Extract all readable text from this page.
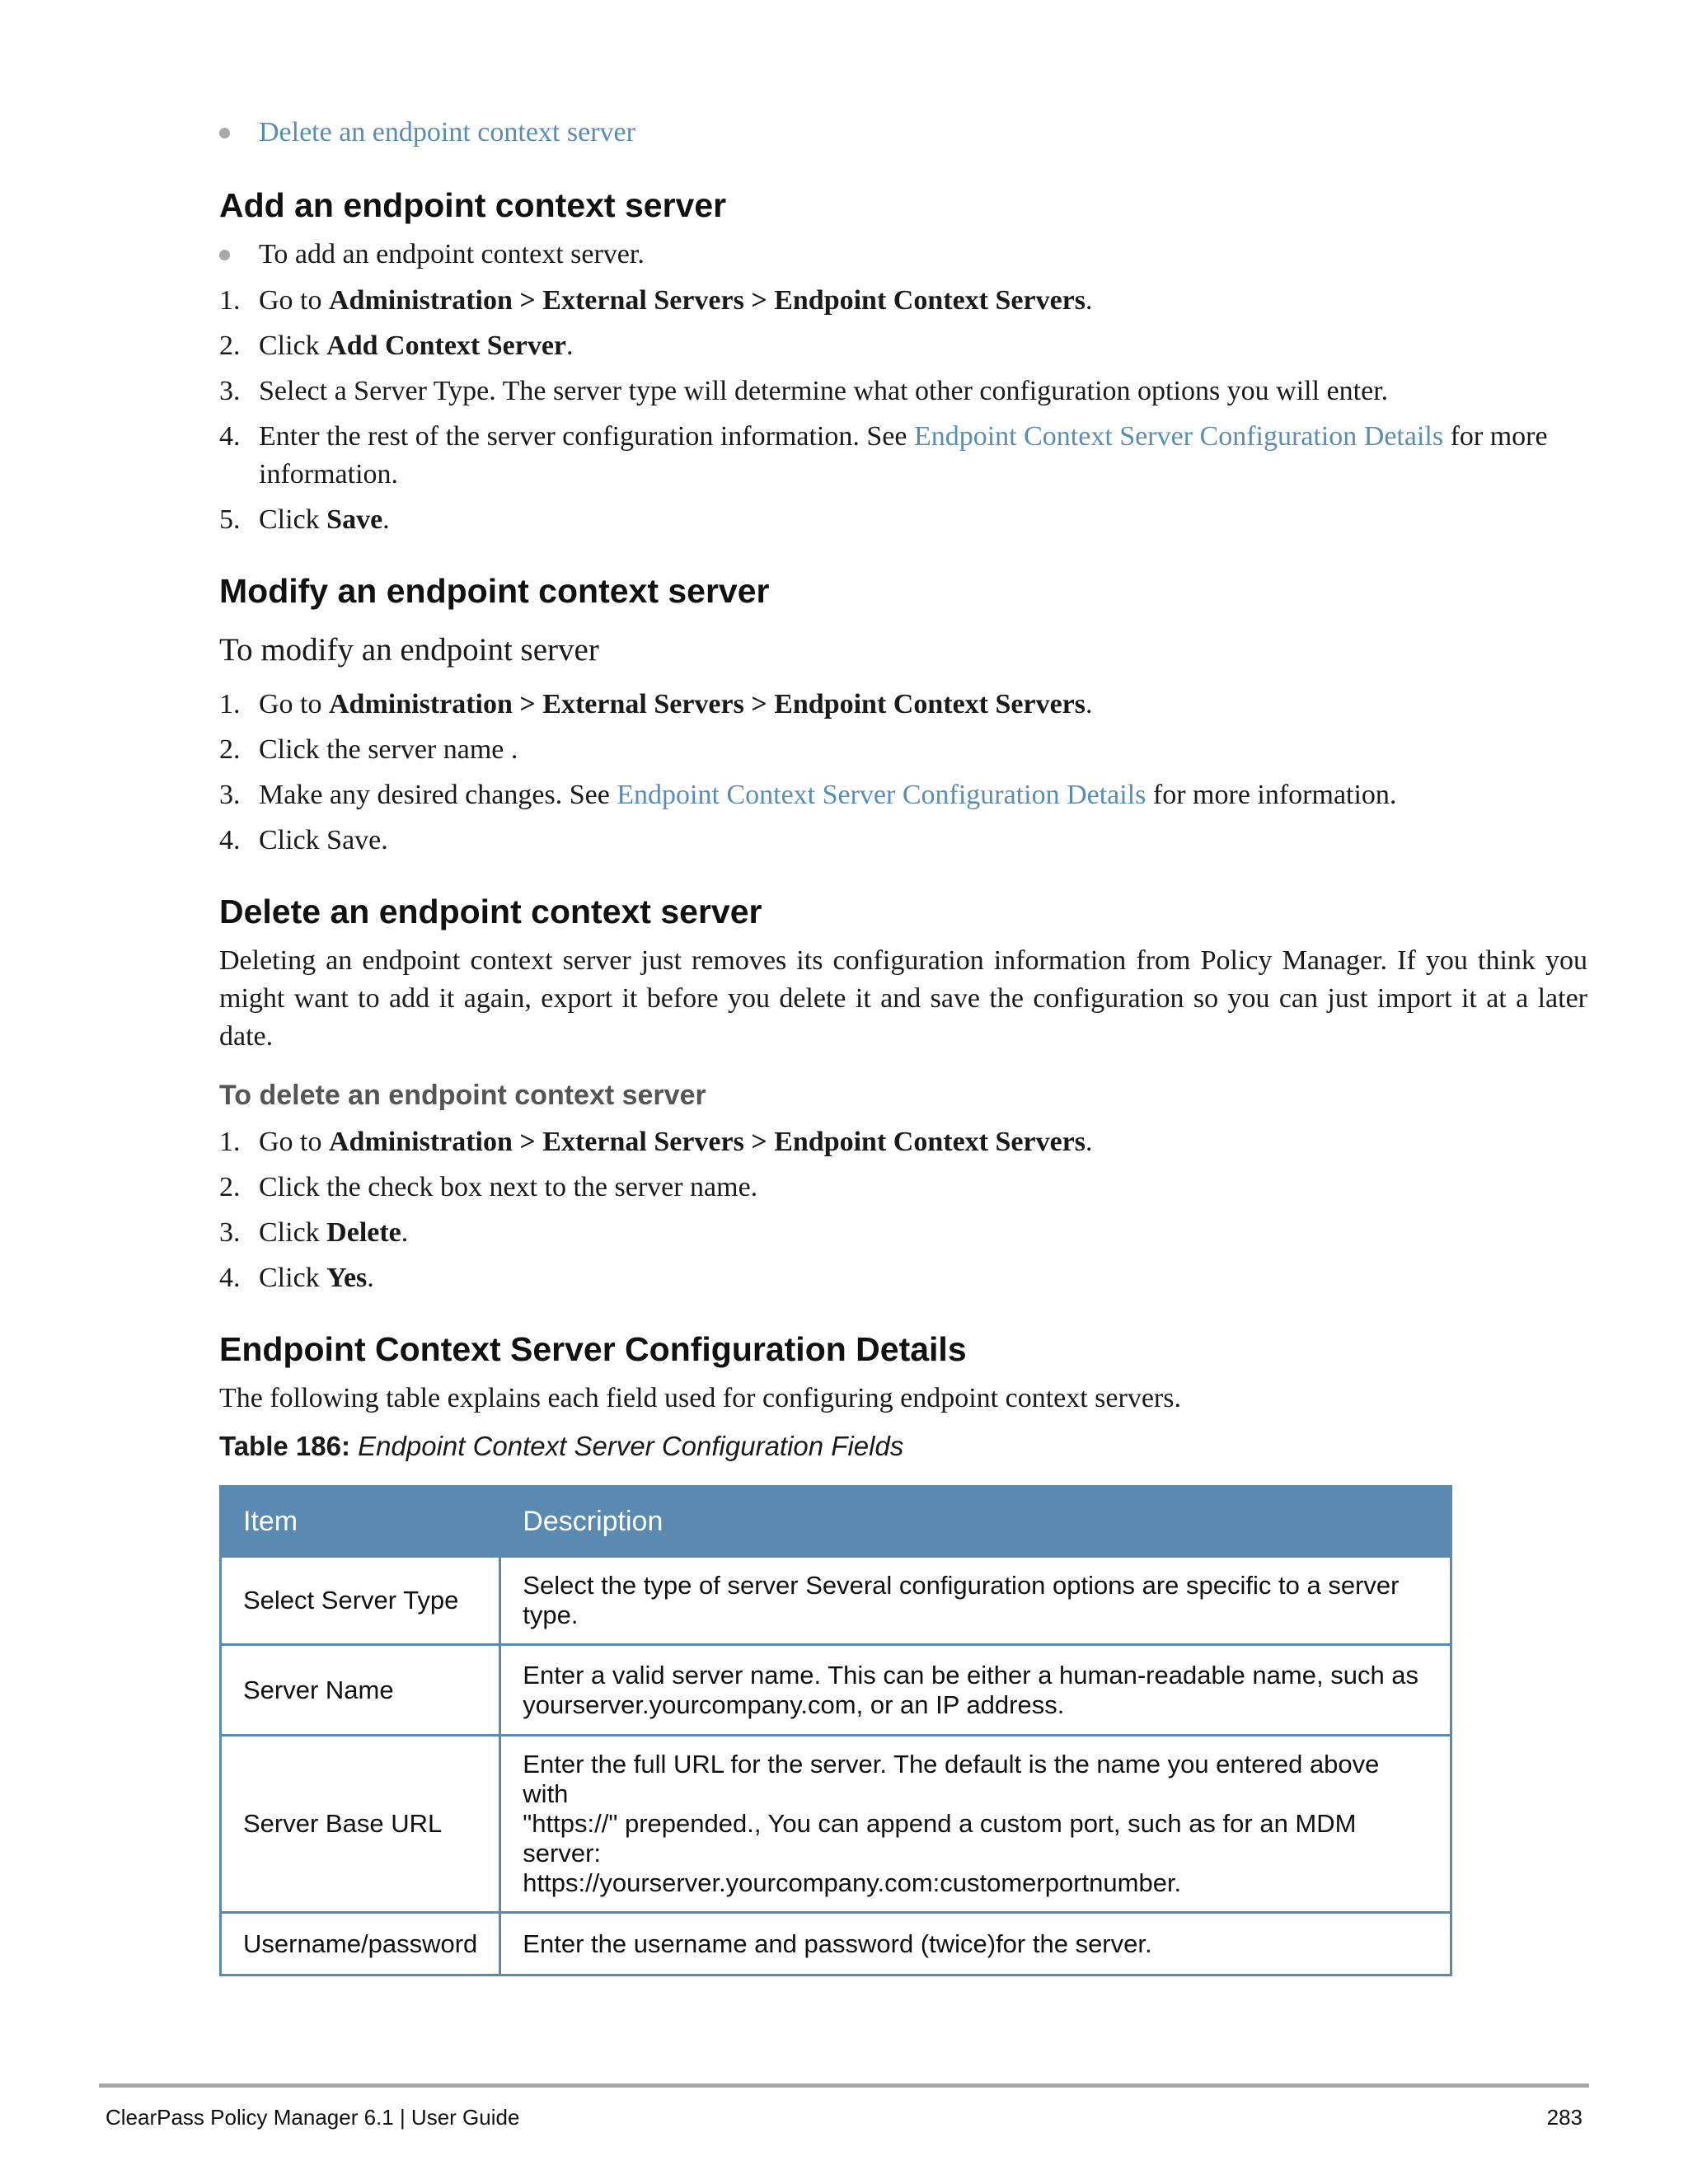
Delete an endpoint context server
Add an endpoint context server
To add an endpoint context server.
1. Go to Administration > External Servers > Endpoint Context Servers.
2. Click Add Context Server.
3. Select a Server Type. The server type will determine what other configuration options you will enter.
4. Enter the rest of the server configuration information. See Endpoint Context Server Configuration Details for more information.
5. Click Save.
Modify an endpoint context server
To modify an endpoint server
1. Go to Administration > External Servers > Endpoint Context Servers.
2. Click the server name .
3. Make any desired changes. See Endpoint Context Server Configuration Details for more information.
4. Click Save.
Delete an endpoint context server

Deleting an endpoint context server just removes its configuration information from Policy Manager. If you think you might want to add it again, export it before you delete it and save the configuration so you can just import it at a later date.

To delete an endpoint context server
1. Go to Administration > External Servers > Endpoint Context Servers.
2. Click the check box next to the server name.
3. Click Delete.
4. Click Yes.
Endpoint Context Server Configuration Details
The following table explains each field used for configuring endpoint context servers.
Table 186: Endpoint Context Server Configuration Fields
Item	Description
Select Server Type	Select the type of server Several configuration options are specific to a server type.

Server Name	Enter a valid server name. This can be either a human-readable name, such as
yourserver.yourcompany.com, or an IP address.

Server Base URL	Enter the full URL for the server. The default is the name you entered above with
"https://" prepended., You can append a custom port, such as for an MDM server:
https://yourserver.yourcompany.com:customerportnumber.

Username/password	Enter the username and password (twice)for the server.
ClearPass Policy Manager 6.1 | User Guide	283
